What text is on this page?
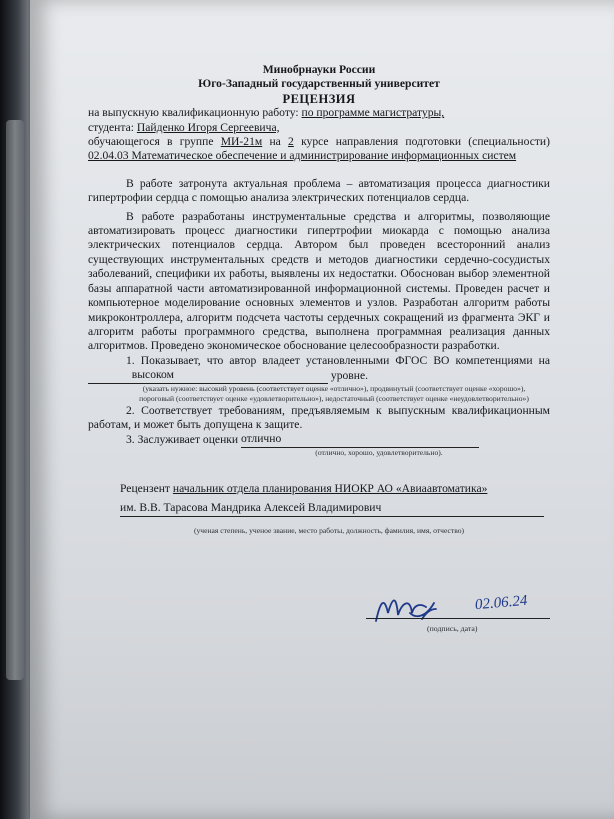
Минобрнауки России
Юго-Западный государственный университет
РЕЦЕНЗИЯ
на выпускную квалификационную работу: по программе магистратуры,
студента: Пайденко Игоря Сергеевича,
обучающегося в группе МИ-21м на 2 курсе направления подготовки (специальности) 02.04.03 Математическое обеспечение и администрирование информационных систем
В работе затронута актуальная проблема – автоматизация процесса диагностики гипертрофии сердца с помощью анализа электрических потенциалов сердца.
В работе разработаны инструментальные средства и алгоритмы, позволяющие автоматизировать процесс диагностики гипертрофии миокарда с помощью анализа электрических потенциалов сердца. Автором был проведен всесторонний анализ существующих инструментальных средств и методов диагностики сердечно-сосудистых заболеваний, специфики их работы, выявлены их недостатки. Обоснован выбор элементной базы аппаратной части автоматизированной информационной системы. Проведен расчет и компьютерное моделирование основных элементов и узлов. Разработан алгоритм работы микроконтроллера, алгоритм подсчета частоты сердечных сокращений из фрагмента ЭКГ и алгоритм работы программного средства, выполнена программная реализация данных алгоритмов. Проведено экономическое обоснование целесообразности разработки.
1. Показывает, что автор владеет установленными ФГОС ВО компетенциями на   высоком	уровне.
(указать нужное: высокий уровень (соответствует оценке «отлично»), продвинутый (соответствует оценке «хорошо»), пороговый (соответствует оценке «удовлетворительно»), недостаточный (соответствует оценке «неудовлетворительно»)
2. Соответствует требованиям, предъявляемым к выпускным квалификационным работам, и может быть допущена к защите.
3. Заслуживает оценки отлично
(отлично, хорошо, удовлетворительно).
Рецензент начальник отдела планирования НИОКР АО «Авиаавтоматика»
им. В.В. Тарасова Мандрика Алексей Владимирович
(ученая степень, ученое звание, место работы, должность, фамилия, имя, отчество)
02.06.24
(подпись, дата)
